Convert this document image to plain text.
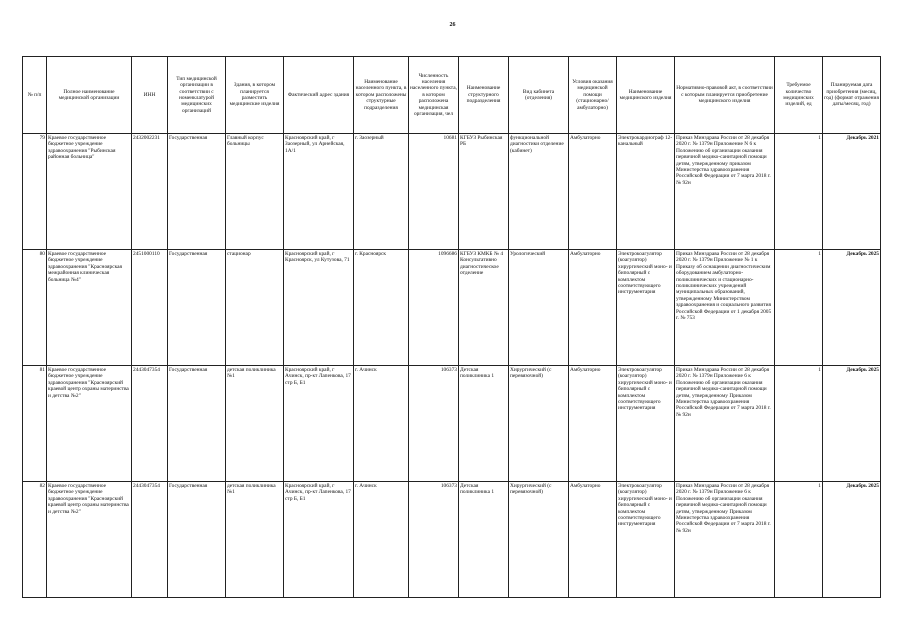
26
№ п/п	Полное наименование медицинской организации	ИНН	Тип медицинской организации в соответствии с номенклатурой медицинских организаций	Здания, в котором планируется разместить медицинские изделия	Фактический адрес здания	Наименование населенного пункта, в котором расположены структурные подразделения	Численность населения населенного пункта, в котором расположена медицинская организация, чел	Наименование структурного подразделения	Вид кабинета (отделения)	Условия оказания медицинской помощи (стационарно/амбулаторно)	Наименование медицинского изделия	Нормативно-правовой акт, в соответствии с которым планируется приобретение медицинского изделия	Требуемое количество медицинских изделий, ед	Планируемая дата приобретения (месяц, год) (формат отражения даты/месяц, год)
79	Краевое государственное бюджетное учреждение здравоохранения "Рыбинская районная больница"	2432002231	Государственная	Главный корпус больницы	Красноярский край, г Заозерный, ул Арнейская, 1А/1	г. Заозерный	10681	КГБУЗ Рыбинская РБ	функциональной диагностики отделение (кабинет)	Амбулаторно	Электрокардиограф 12-канальный	Приказ Минздрава России от 28 декабря 2020 г. № 1379н Приложение N 6 к Положению об организации оказания первичной медико-санитарной помощи детям, утвержденному приказом Министерства здравоохранения Российской Федерации от 7 марта 2018 г. № 92н	1	Декабрь 2021
80	Краевое государственное бюджетное учреждение здравоохранения "Красноярская межрайонная клиническая больница №4"	2451000110	Государственная	стационар	Красноярский край, г Красноярск, ул Кутузова, 71	г. Красноярск	1096686	КГБУЗ КМКБ № 4 Консультативно диагностическое отделение	Урологический	Амбулаторно	Электрокоагулятор (коагулятор) хирургический моно- и биполярный с комплектом соответствующего инструментария	Приказ Минздрава России от 28 декабря 2020 г. № 1379н Приложение № 1 к Приказу об оснащении диагностическим оборудованием амбулаторно-поликлинических и стационарно-поликлинических учреждений муниципальных образований, утвержденному Министерством здравоохранения и социального развития Российской Федерации от 1 декабря 2005 г. № 753	1	Декабрь 2025
81	Краевое государственное бюджетное учреждение здравоохранения "Красноярский краевой центр охраны материнства и детства №2"	2443047354	Государственная	детская поликлиника №1	Красноярский край, г Ачинск, пр-кт Лапенкова, 17 стр Б, Б1	г. Ачинск	106373	Детская поликлиника 1	Хирургический (с перевязочной)	Амбулаторно	Электрокоагулятор (коагулятор) хирургический моно- и биполярный с комплектом соответствующего инструментария	Приказ Минздрава России от 28 декабря 2020 г. № 1379н Приложение 6 к Положению об организации оказания первичной медико-санитарной помощи детям, утвержденному Приказом Министерства здравоохранения Российской Федерации от 7 марта 2018 г. № 92н	1	Декабрь 2025
82	Краевое государственное бюджетное учреждение здравоохранения "Красноярский краевой центр охраны материнства и детства №2"	2443047354	Государственная	детская поликлиника №1	Красноярский край, г Ачинск, пр-кт Лапенкова, 17 стр Б, Б1	г. Ачинск	106373	Детская поликлиника 1	Хирургический (с перевязочной)	Амбулаторно	Электрокоагулятор (коагулятор) хирургический моно- и биполярный с комплектом соответствующего инструментария	Приказ Минздрава России от 28 декабря 2020 г. № 1379н Приложение 6 к Положению об организации оказания первичной медико-санитарной помощи детям, утвержденному Приказом Министерства здравоохранения Российской Федерации от 7 марта 2018 г. № 92н	1	Декабрь 2025
